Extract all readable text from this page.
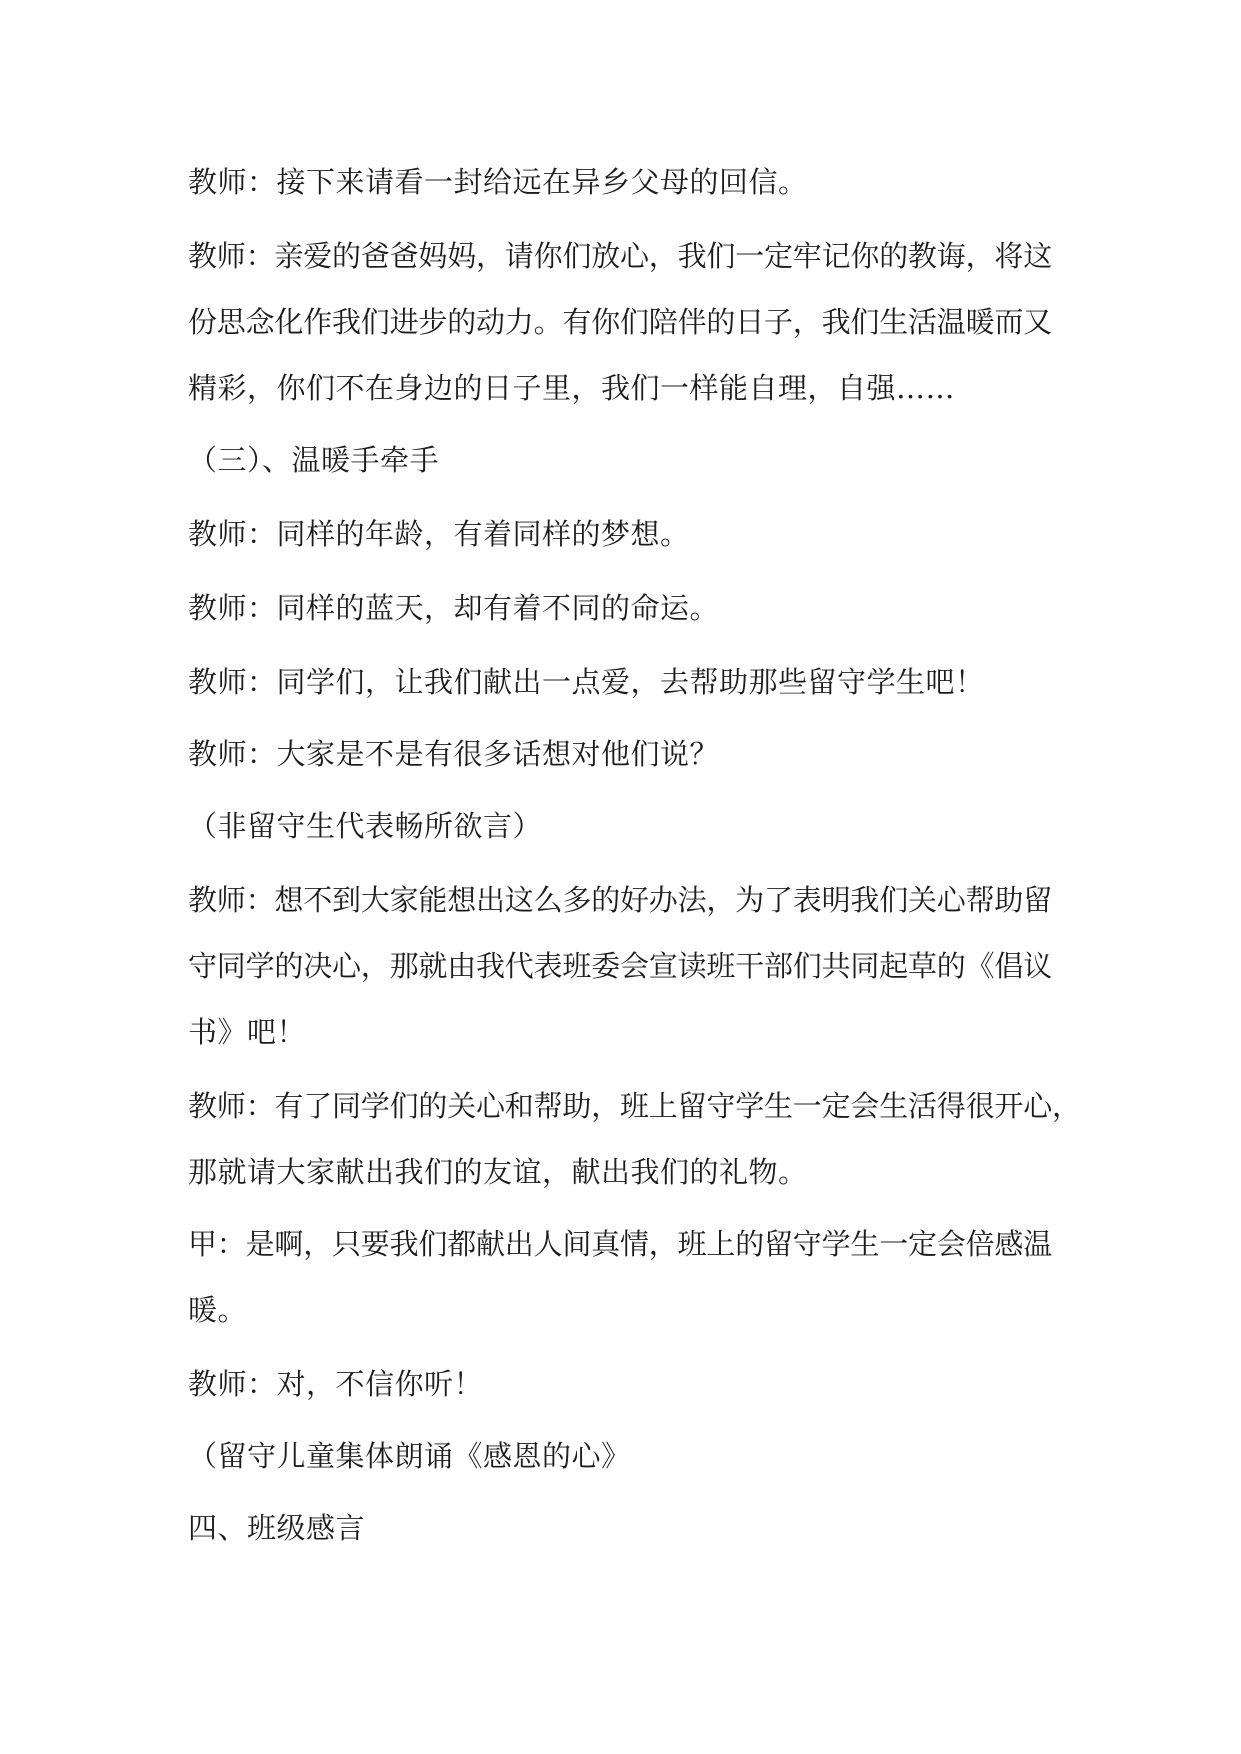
教师：接下来请看一封给远在异乡父母的回信。
教师：亲爱的爸爸妈妈，请你们放心，我们一定牢记你的教诲，将这
份思念化作我们进步的动力。有你们陪伴的日子，我们生活温暖而又
精彩，你们不在身边的日子里，我们一样能自理，自强……
（三）、温暖手牵手
教师：同样的年龄，有着同样的梦想。
教师：同样的蓝天，却有着不同的命运。
教师：同学们，让我们献出一点爱，去帮助那些留守学生吧！
教师：大家是不是有很多话想对他们说？
（非留守生代表畅所欲言）
教师：想不到大家能想出这么多的好办法，为了表明我们关心帮助留
守同学的决心，那就由我代表班委会宣读班干部们共同起草的《倡议
书》吧！
教师：有了同学们的关心和帮助，班上留守学生一定会生活得很开心，
那就请大家献出我们的友谊，献出我们的礼物。
甲：是啊，只要我们都献出人间真情，班上的留守学生一定会倍感温
暖。
教师：对，不信你听！
（留守儿童集体朗诵《感恩的心》
四、班级感言
